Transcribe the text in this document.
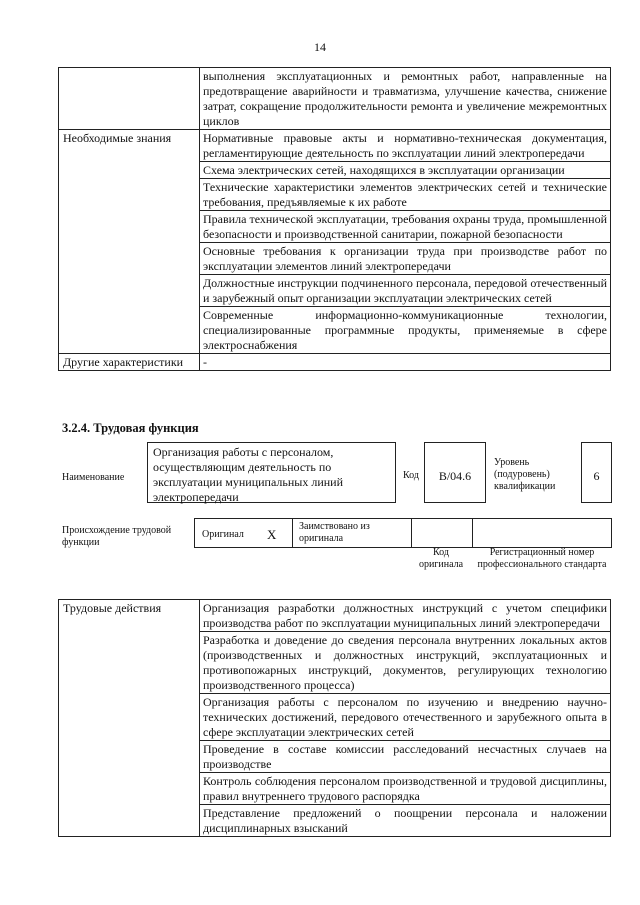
14
	выполнения эксплуатационных и ремонтных работ, направленные на предотвращение аварийности и травматизма, улучшение качества, снижение затрат, сокращение продолжительности ремонта и увеличение межремонтных циклов
Необходимые знания	Нормативные правовые акты и нормативно-техническая документация, регламентирующие деятельность по эксплуатации линий электропередачи
	Схема электрических сетей, находящихся в эксплуатации организации
	Технические характеристики элементов электрических сетей и технические требования, предъявляемые к их работе
	Правила технической эксплуатации, требования охраны труда, промышленной безопасности и производственной санитарии, пожарной безопасности
	Основные требования к организации труда при производстве работ по эксплуатации элементов линий электропередачи
	Должностные инструкции подчиненного персонала, передовой отечественный и зарубежный опыт организации эксплуатации электрических сетей
	Современные информационно-коммуникационные технологии, специализированные программные продукты, применяемые в сфере электроснабжения
Другие характеристики	-
3.2.4. Трудовая функция
Наименование
Организация работы с персоналом, осуществляющим деятельность по эксплуатации муниципальных линий электропередачи
Код	B/04.6
Уровень (подуровень) квалификации
6
Происхождение трудовой функции
Оригинал X
Заимствовано из оригинала
Код оригинала
Регистрационный номер профессионального стандарта
Трудовые действия	Организация разработки должностных инструкций с учетом специфики производства работ по эксплуатации муниципальных линий электропередачи
Разработка и доведение до сведения персонала внутренних локальных актов (производственных и должностных инструкций, эксплуатационных и противопожарных инструкций, документов, регулирующих технологию производственного процесса)
Организация работы с персоналом по изучению и внедрению научно-технических достижений, передового отечественного и зарубежного опыта в сфере эксплуатации электрических сетей
Проведение в составе комиссии расследований несчастных случаев на производстве
Контроль соблюдения персоналом производственной и трудовой дисциплины, правил внутреннего трудового распорядка
Представление предложений о поощрении персонала и наложении дисциплинарных взысканий
